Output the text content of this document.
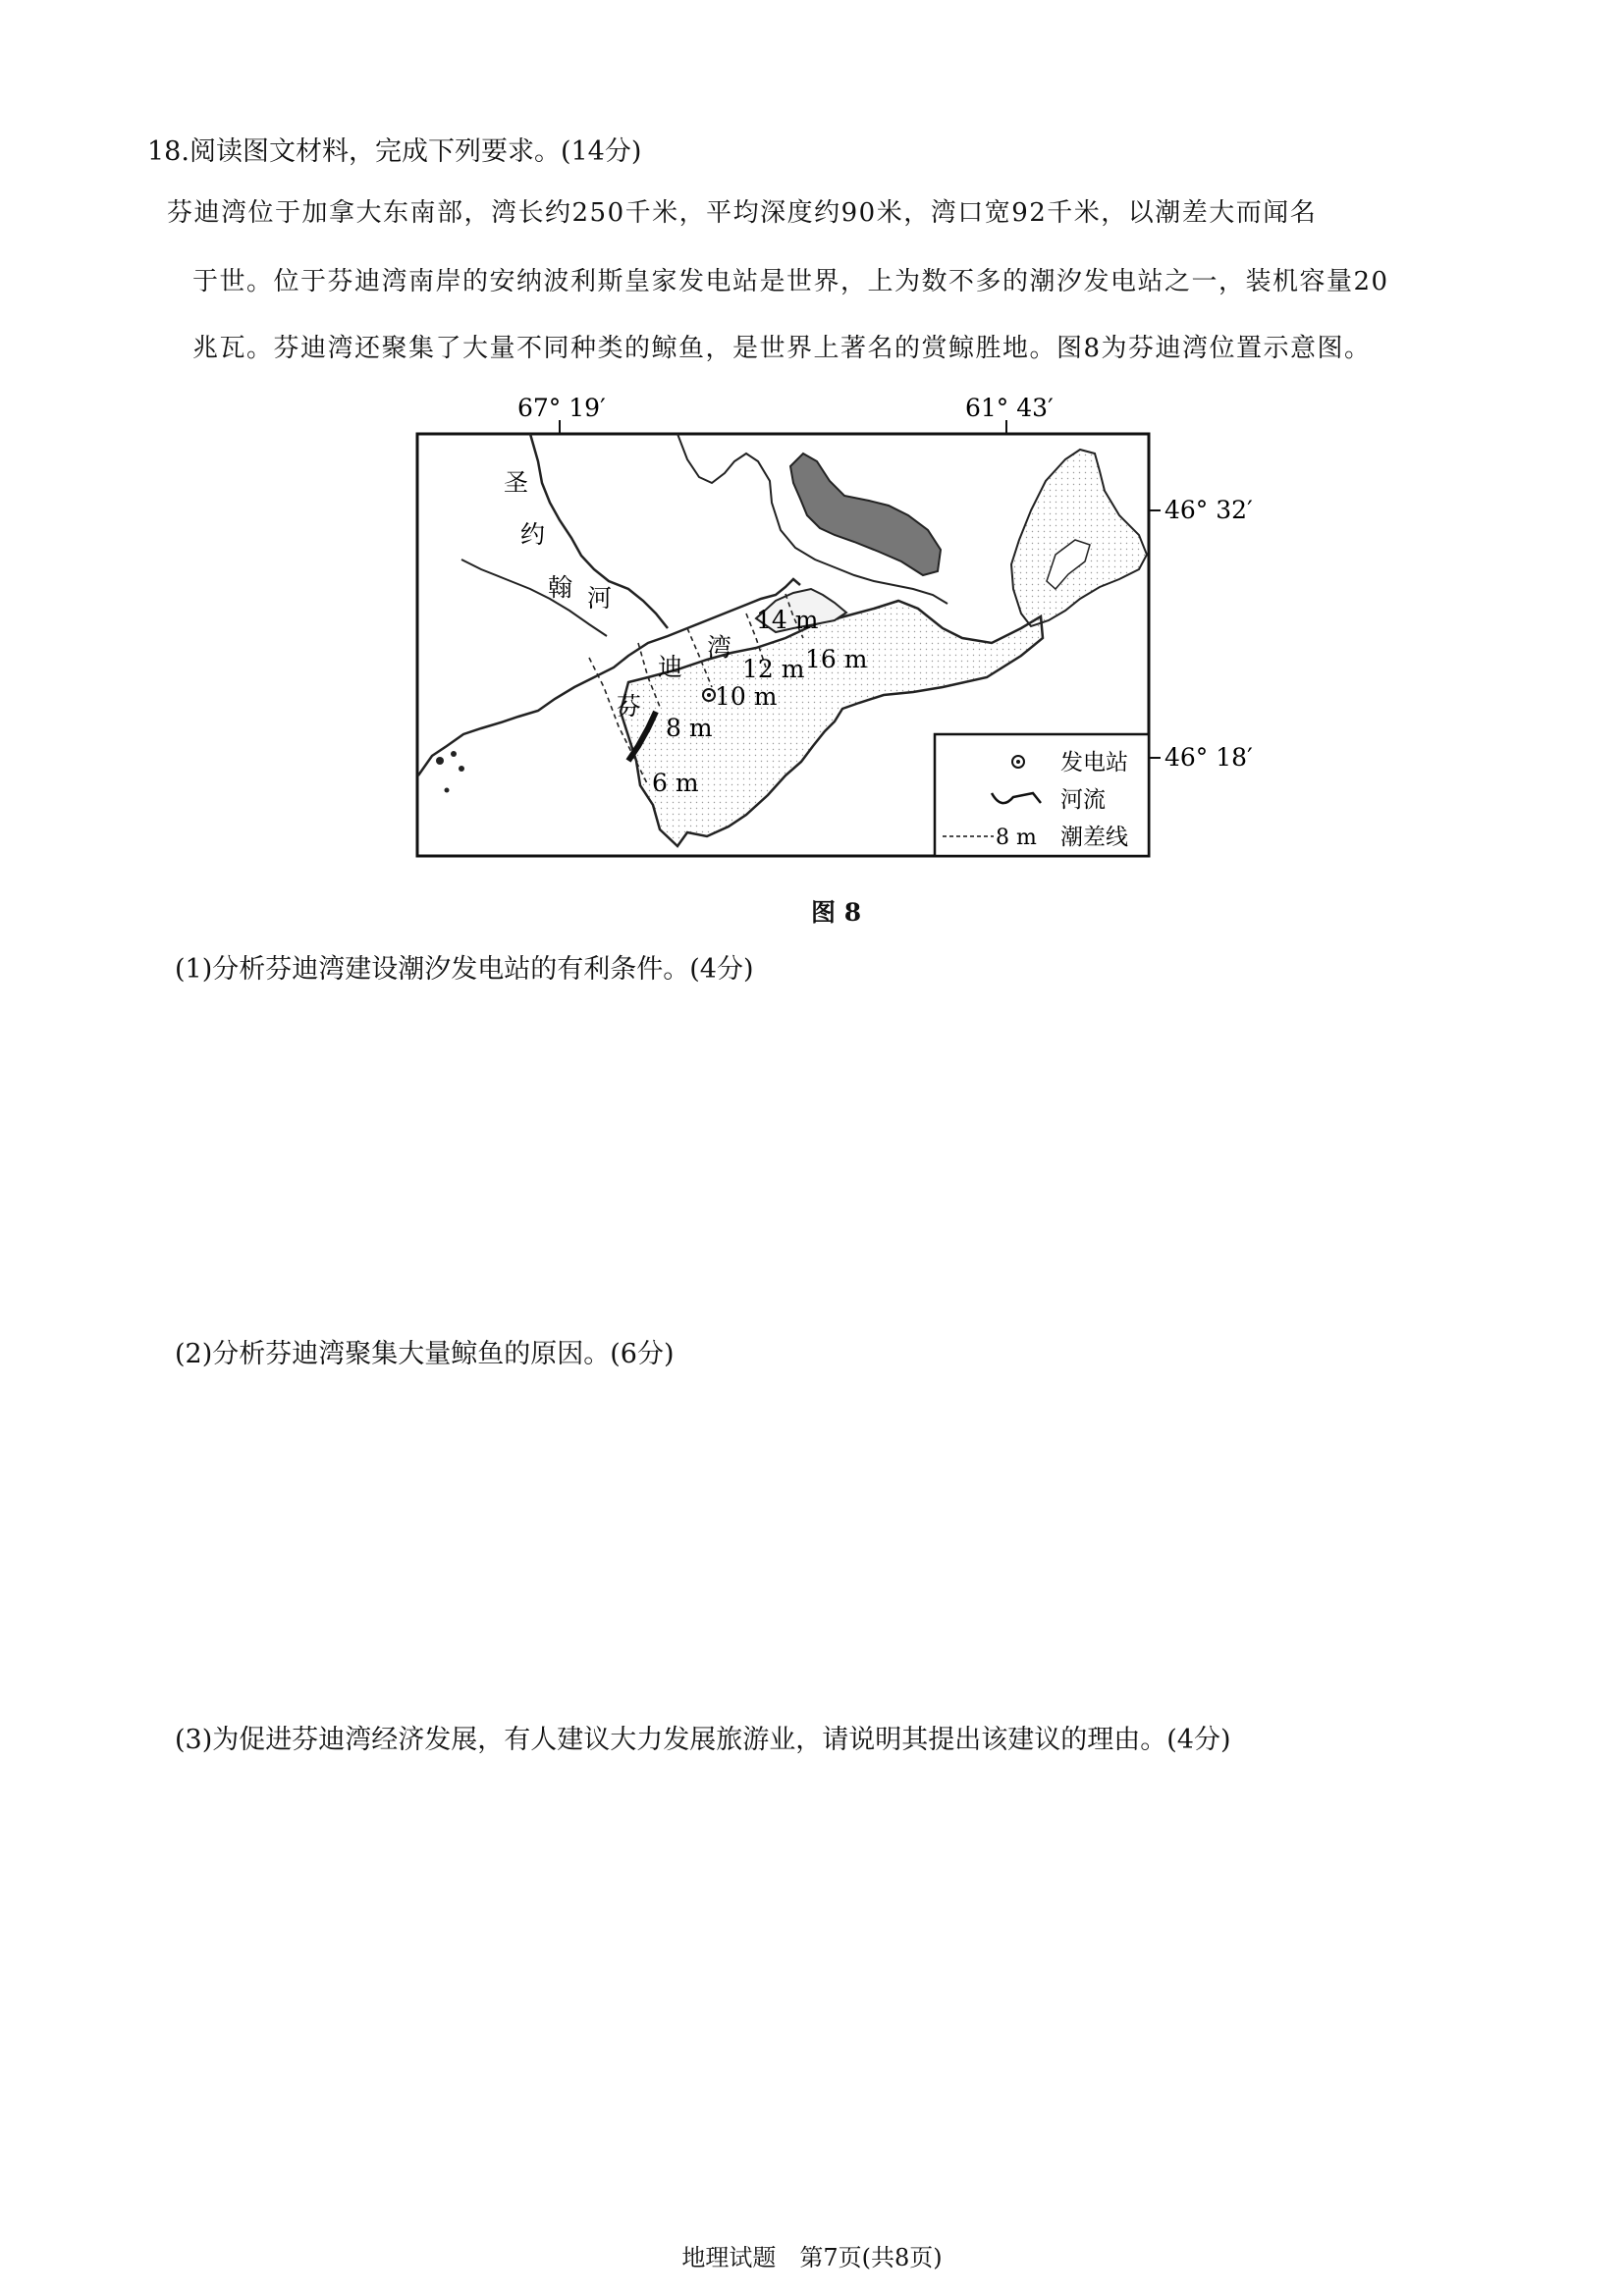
18.阅读图文材料，完成下列要求。(14分)
芬迪湾位于加拿大东南部，湾长约250千米，平均深度约90米，湾口宽92千米，以潮差大而闻名
于世。位于芬迪湾南岸的安纳波利斯皇家发电站是世界，上为数不多的潮汐发电站之一，装机容量20
兆瓦。芬迪湾还聚集了大量不同种类的鲸鱼，是世界上著名的赏鲸胜地。图8为芬迪湾位置示意图。
67° 19′	61° 43′
46° 32′
46° 18′
圣
约
翰 河
芬
迪
湾
14 m
12 m 16 m
10 m
8 m
6 m
发电站
河流
8 m 潮差线
图 8
(1)分析芬迪湾建设潮汐发电站的有利条件。(4分)
(2)分析芬迪湾聚集大量鲸鱼的原因。(6分)
(3)为促进芬迪湾经济发展，有人建议大力发展旅游业，请说明其提出该建议的理由。(4分)
地理试题　第7页(共8页)
